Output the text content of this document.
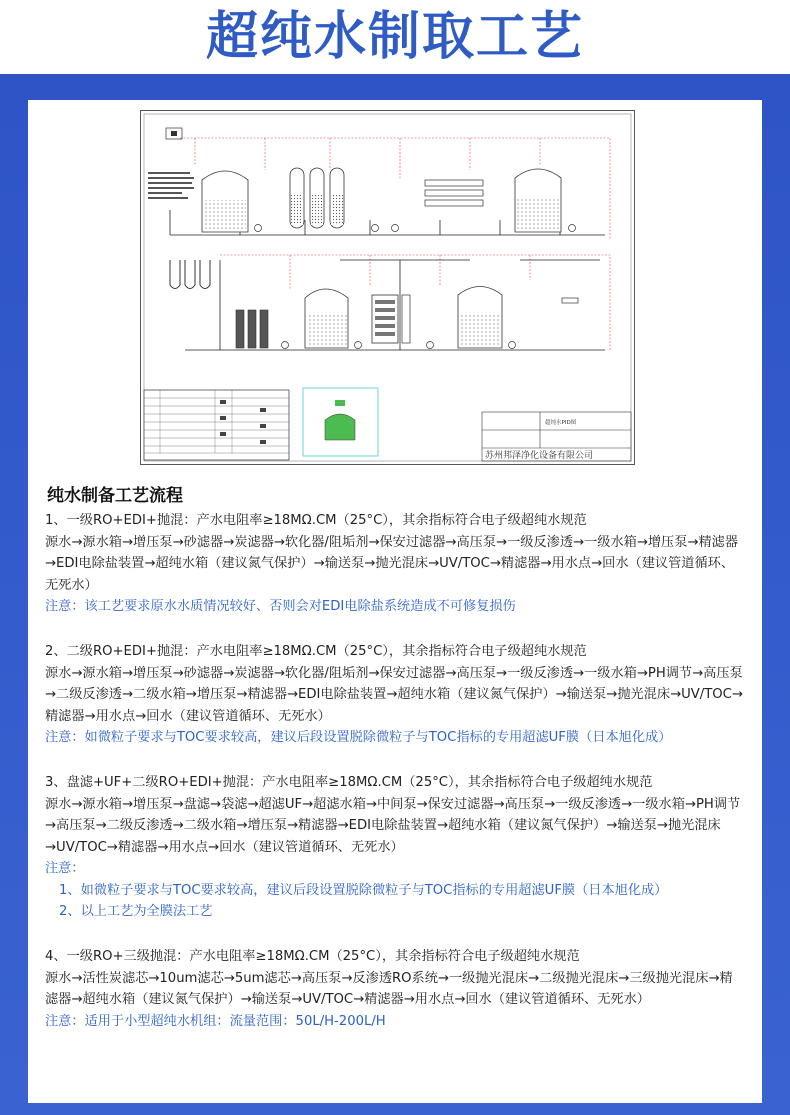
超纯水制取工艺
超纯水PID图
苏州邦泽净化设备有限公司
纯水制备工艺流程

1、一级RO+EDI+抛混：产水电阻率≥18MΩ.CM（25°C），其余指标符合电子级超纯水规范

源水→源水箱→增压泵→砂滤器→炭滤器→软化器/阻垢剂→保安过滤器→高压泵→一级反渗透→一级水箱→增压泵→精滤器→EDI电除盐装置→超纯水箱（建议氮气保护）→输送泵→抛光混床→UV/TOC→精滤器→用水点→回水（建议管道循环、无死水）

注意：该工艺要求原水水质情况较好、否则会对EDI电除盐系统造成不可修复损伤

2、二级RO+EDI+抛混：产水电阻率≥18MΩ.CM（25°C），其余指标符合电子级超纯水规范

源水→源水箱→增压泵→砂滤器→炭滤器→软化器/阻垢剂→保安过滤器→高压泵→一级反渗透→一级水箱→PH调节→高压泵→二级反渗透→二级水箱→增压泵→精滤器→EDI电除盐装置→超纯水箱（建议氮气保护）→输送泵→抛光混床→UV/TOC→精滤器→用水点→回水（建议管道循环、无死水）

注意：如微粒子要求与TOC要求较高，建议后段设置脱除微粒子与TOC指标的专用超滤UF膜（日本旭化成）

3、盘滤+UF+二级RO+EDI+抛混：产水电阻率≥18MΩ.CM（25°C），其余指标符合电子级超纯水规范

源水→源水箱→增压泵→盘滤→袋滤→超滤UF→超滤水箱→中间泵→保安过滤器→高压泵→一级反渗透→一级水箱→PH调节→高压泵→二级反渗透→二级水箱→增压泵→精滤器→EDI电除盐装置→超纯水箱（建议氮气保护）→输送泵→抛光混床→UV/TOC→精滤器→用水点→回水（建议管道循环、无死水）

注意：

1、如微粒子要求与TOC要求较高，建议后段设置脱除微粒子与TOC指标的专用超滤UF膜（日本旭化成）

2、以上工艺为全膜法工艺

4、一级RO+三级抛混：产水电阻率≥18MΩ.CM（25°C），其余指标符合电子级超纯水规范

源水→活性炭滤芯→10um滤芯→5um滤芯→高压泵→反渗透RO系统→一级抛光混床→二级抛光混床→三级抛光混床→精滤器→超纯水箱（建议氮气保护）→输送泵→UV/TOC→精滤器→用水点→回水（建议管道循环、无死水）

注意：适用于小型超纯水机组：流量范围：50L/H-200L/H
